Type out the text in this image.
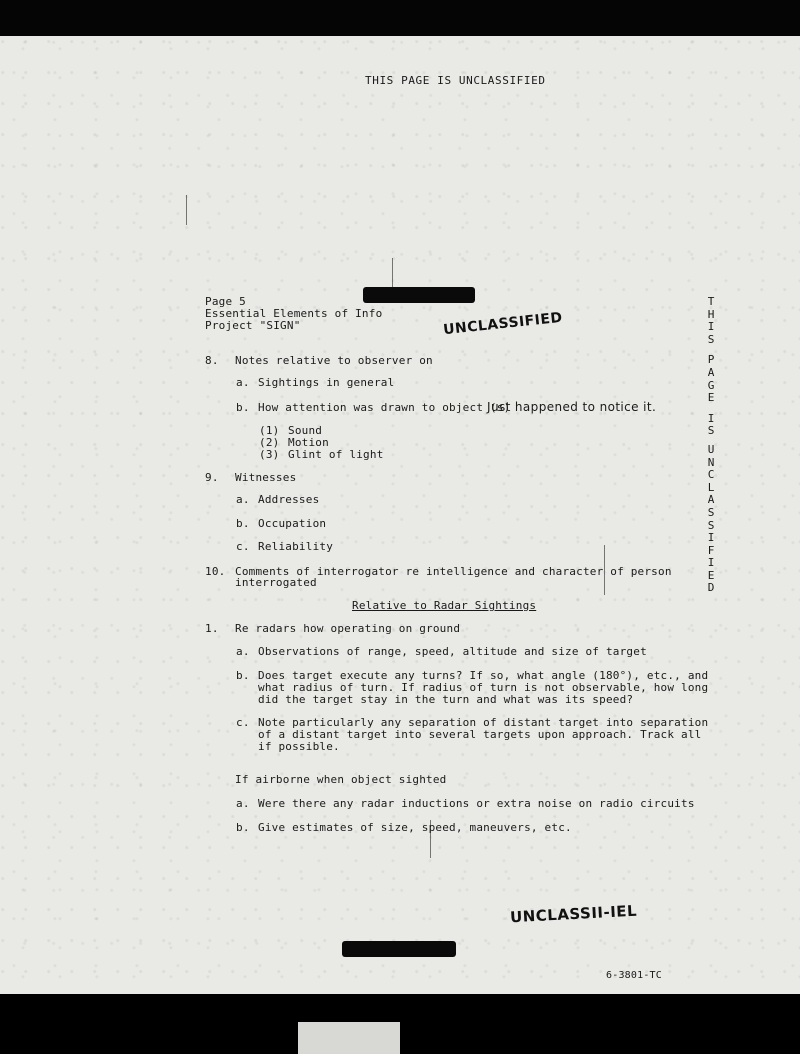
THIS PAGE IS UNCLASSIFIED
Page 5
Essential Elements of Info
Project "SIGN"	UNCLASSIFIED
T
H
I
S
P
A
G
E
I
S
U
N
C
L
A
S
S
I
F
I
E
D
8. Notes relative to observer on
a. Sightings in general
b. How attention was drawn to object (s)
Just happened to notice it.
(1) Sound
(2) Motion
(3) Glint of light
9. Witnesses
a. Addresses
b. Occupation
c. Reliability
10. Comments of interrogator re intelligence and character of person
interrogated
Relative to Radar Sightings
1. Re radars how operating on ground
a. Observations of range, speed, altitude and size of target
b. Does target execute any turns? If so, what angle (180°), etc., and
what radius of turn. If radius of turn is not observable, how long
did the target stay in the turn and what was its speed?
c. Note particularly any separation of distant target into separation
of a distant target into several targets upon approach. Track all
if possible.
If airborne when object sighted
a. Were there any radar inductions or extra noise on radio circuits
b. Give estimates of size, speed, maneuvers, etc.
UNCLASSII-IEL
6-3801-TC
